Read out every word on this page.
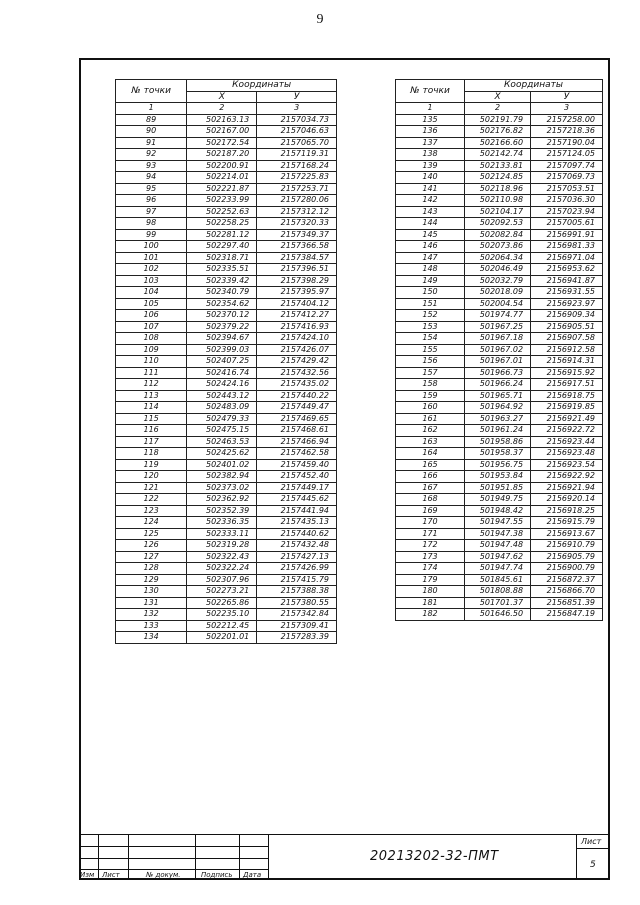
9
№ точки	Координаты	
	X	У
1	2	3
89	502163.13	2157034.73
90	502167.00	2157046.63
91	502172.54	2157065.70
92	502187.20	2157119.31
93	502200.91	2157168.24
94	502214.01	2157225.83
95	502221.87	2157253.71
96	502233.99	2157280.06
97	502252.63	2157312.12
98	502258.25	2157320.33
99	502281.12	2157349.37
100	502297.40	2157366.58
101	502318.71	2157384.57
102	502335.51	2157396.51
103	502339.42	2157398.29
104	502340.79	2157395.97
105	502354.62	2157404.12
106	502370.12	2157412.27
107	502379.22	2157416.93
108	502394.67	2157424.10
109	502399.03	2157426.07
110	502407.25	2157429.42
111	502416.74	2157432.56
112	502424.16	2157435.02
113	502443.12	2157440.22
114	502483.09	2157449.47
115	502479.33	2157469.65
116	502475.15	2157468.61
117	502463.53	2157466.94
118	502425.62	2157462.58
119	502401.02	2157459.40
120	502382.94	2157452.40
121	502373.02	2157449.17
122	502362.92	2157445.62
123	502352.39	2157441.94
124	502336.35	2157435.13
125	502333.11	2157440.62
126	502319.28	2157432.48
127	502322.43	2157427.13
128	502322.24	2157426.99
129	502307.96	2157415.79
130	502273.21	2157388.38
131	502265.86	2157380.55
132	502235.10	2157342.84
133	502212.45	2157309.41
134	502201.01	2157283.39
№ точки	Координаты	
	X	У
1	2	3
135	502191.79	2157258.00
136	502176.82	2157218.36
137	502166.60	2157190.04
138	502142.74	2157124.05
139	502133.81	2157097.74
140	502124.85	2157069.73
141	502118.96	2157053.51
142	502110.98	2157036.30
143	502104.17	2157023.94
144	502092.53	2157005.61
145	502082.84	2156991.91
146	502073.86	2156981.33
147	502064.34	2156971.04
148	502046.49	2156953.62
149	502032.79	2156941.87
150	502018.09	2156931.55
151	502004.54	2156923.97
152	501974.77	2156909.34
153	501967.25	2156905.51
154	501967.18	2156907.58
155	501967.02	2156912.58
156	501967.01	2156914.31
157	501966.73	2156915.92
158	501966.24	2156917.51
159	501965.71	2156918.75
160	501964.92	2156919.85
161	501963.27	2156921.49
162	501961.24	2156922.72
163	501958.86	2156923.44
164	501958.37	2156923.48
165	501956.75	2156923.54
166	501953.84	2156922.92
167	501951.85	2156921.94
168	501949.75	2156920.14
169	501948.42	2156918.25
170	501947.55	2156915.79
171	501947.38	2156913.67
172	501947.48	2156910.79
173	501947.62	2156905.79
174	501947.74	2156900.79
179	501845.61	2156872.37
180	501808.88	2156866.70
181	501701.37	2156851.39
182	501646.50	2156847.19
Изм Лист	№ докум.	Подпись Дата
20213202-32-ПМТ
Лист
5
